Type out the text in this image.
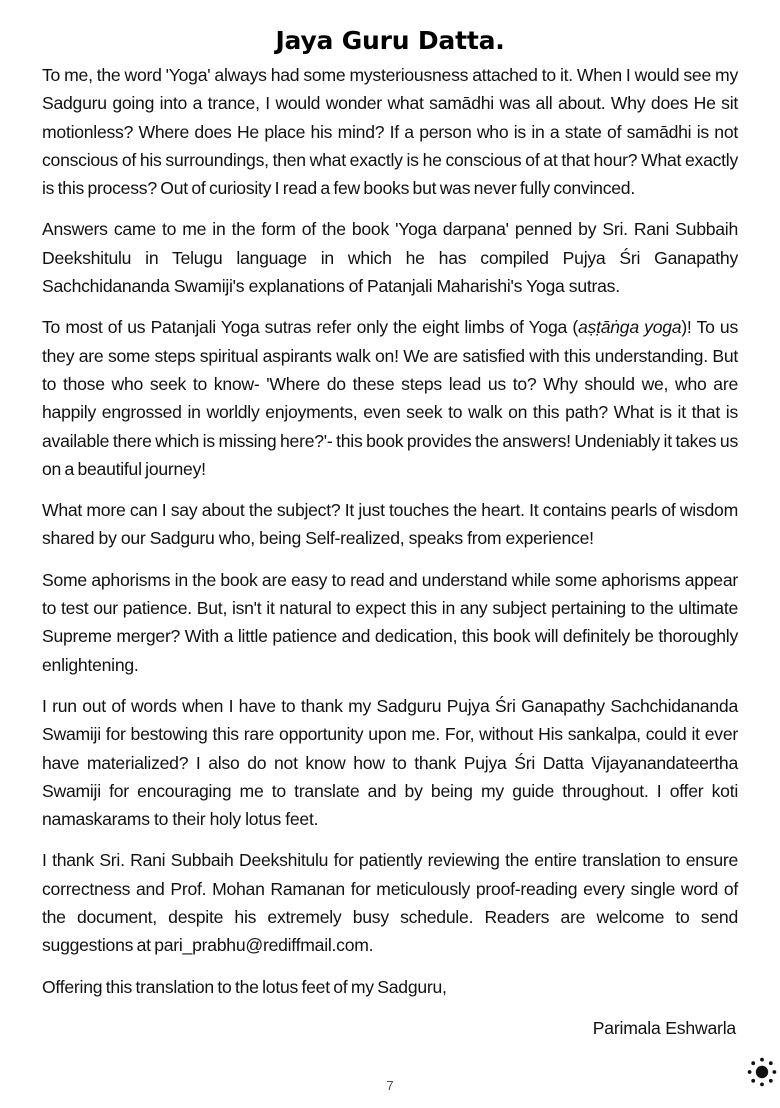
Jaya Guru Datta.

To me, the word 'Yoga' always had some mysteriousness attached to it. When I would see my Sadguru going into a trance, I would wonder what samādhi was all about. Why does He sit motionless? Where does He place his mind? If a person who is in a state of samādhi is not conscious of his surroundings, then what exactly is he conscious of at that hour? What exactly is this process? Out of curiosity I read a few books but was never fully convinced.

Answers came to me in the form of the book 'Yoga darpana' penned by Sri. Rani Subbaih Deekshitulu in Telugu language in which he has compiled Pujya Śri Ganapathy Sachchidananda Swamiji's explanations of Patanjali Maharishi's Yoga sutras.

To most of us Patanjali Yoga sutras refer only the eight limbs of Yoga (aṣṭāṅga yoga)! To us they are some steps spiritual aspirants walk on! We are satisfied with this understanding. But to those who seek to know- 'Where do these steps lead us to? Why should we, who are happily engrossed in worldly enjoyments, even seek to walk on this path? What is it that is available there which is missing here?'- this book provides the answers! Undeniably it takes us on a beautiful journey!

What more can I say about the subject? It just touches the heart. It contains pearls of wisdom shared by our Sadguru who, being Self-realized, speaks from experience!

Some aphorisms in the book are easy to read and understand while some aphorisms appear to test our patience. But, isn't it natural to expect this in any subject pertaining to the ultimate Supreme merger? With a little patience and dedication, this book will definitely be thoroughly enlightening.

I run out of words when I have to thank my Sadguru Pujya Śri Ganapathy Sachchidananda Swamiji for bestowing this rare opportunity upon me. For, without His sankalpa, could it ever have materialized? I also do not know how to thank Pujya Śri Datta Vijayanandateertha Swamiji for encouraging me to translate and by being my guide throughout. I offer koti namaskarams to their holy lotus feet.

I thank Sri. Rani Subbaih Deekshitulu for patiently reviewing the entire translation to ensure correctness and Prof. Mohan Ramanan for meticulously proof-reading every single word of the document, despite his extremely busy schedule. Readers are welcome to send suggestions at pari_prabhu@rediffmail.com.

Offering this translation to the lotus feet of my Sadguru,

Parimala Eshwarla

7
